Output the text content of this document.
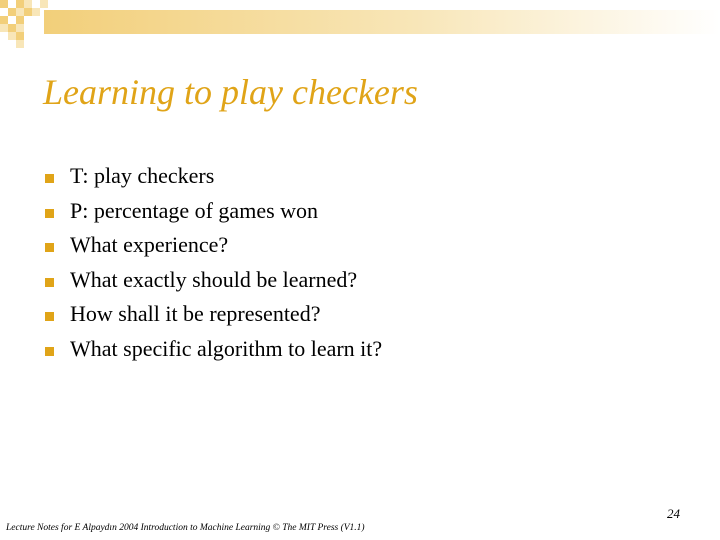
Learning to play checkers
T: play checkers
P: percentage of games won
What experience?
What exactly should be learned?
How shall it be represented?
What specific algorithm to learn it?
24
Lecture Notes for E Alpaydın 2004 Introduction to Machine Learning © The MIT Press (V1.1)
